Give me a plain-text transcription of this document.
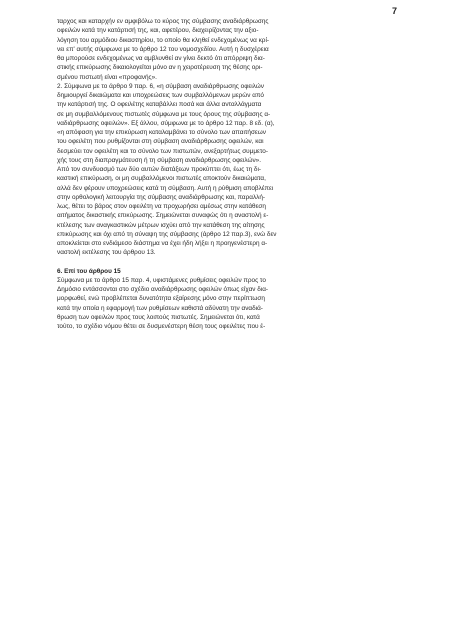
7
ταρχος και καταρχήν εν αμφιβόλω το κύρος της σύμβασης αναδιάρθρωσης
οφειλών κατά την κατάρτισή της, και, αφετέρου, διαχειρίζοντας την αξιο-
λόγηση του αρμόδιου δικαστηρίου, το οποίο θα κληθεί ενδεχομένως να κρί-
νει επ' αυτής σύμφωνα με το άρθρο 12 του νομοσχεδίου. Αυτή η δυσχέρεια
θα μπορούσε ενδεχομένως να αμβλυνθεί αν γίνει δεκτό ότι απόρριψη δια-
στικής επικύρωσης δικαιολογείται μόνο αν η χειροτέρευση της θέσης ορι-
σμένου πιστωτή είναι «προφανής».
2. Σύμφωνα με το άρθρο 9 παρ. 6, «η σύμβαση αναδιάρθρωσης οφειλών
δημιουργεί δικαιώματα και υποχρεώσεις των συμβαλλόμενων μερών από
την κατάρτισή της. Ο οφειλέτης καταβάλλει ποσά και άλλα ανταλλάγματα
σε μη συμβαλλόμενους πιστωτές σύμφωνα με τους όρους της σύμβασης α-
ναδιάρθρωσης οφειλών». Εξ άλλου, σύμφωνα με το άρθρο 12 παρ. 8 εδ. (α),
«η απόφαση για την επικύρωση καταλαμβάνει το σύνολο των απαιτήσεων
του οφειλέτη που ρυθμίζονται στη σύμβαση αναδιάρθρωσης οφειλών, και
δεσμεύει τον οφειλέτη και το σύνολο των πιστωτών, ανεξαρτήτως συμμετο-
χής τους στη διαπραγμάτευση ή τη σύμβαση αναδιάρθρωσης οφειλών».
Από τον συνδυασμό των δύο αυτών διατάξεων προκύπτει ότι, έως τη δι-
καστική επικύρωση, οι μη συμβαλλόμενοι πιστωτές αποκτούν δικαιώματα,
αλλά δεν φέρουν υποχρεώσεις κατά τη σύμβαση. Αυτή η ρύθμιση αποβλέπει
στην ορθολογική λειτουργία της σύμβασης αναδιάρθρωσης και, παραλλή-
λως, θέτει το βάρος στον οφειλέτη να προχωρήσει αμέσως στην κατάθεση
αιτήματος δικαστικής επικύρωσης. Σημειώνεται συναφώς ότι η αναστολή ε-
κτέλεσης των αναγκαστικών μέτρων ισχύει από την κατάθεση της αίτησης
επικύρωσης και όχι από τη σύναψη της σύμβασης (άρθρο 12 παρ.3), ενώ δεν
αποκλείεται στο ενδιάμεσο διάστημα να έχει ήδη λήξει η προηγενέστερη α-
ναστολή εκτέλεσης του άρθρου 13.
6. Επί του άρθρου 15
Σύμφωνα με το άρθρο 15 παρ. 4, υφιστάμενες ρυθμίσεις οφειλών προς το
Δημόσιο εντάσσονται στο σχέδιο αναδιάρθρωσης οφειλών όπως είχαν δια-
μορφωθεί, ενώ προβλέπεται δυνατότητα εξαίρεσης μόνο στην περίπτωση
κατά την οποία η εφαρμογή των ρυθμίσεων καθιστά αδύνατη την αναδιά-
θρωση των οφειλών προς τους λοιπούς πιστωτές. Σημειώνεται ότι, κατά
τούτο, το σχέδιο νόμου θέτει σε δυσμενέστερη θέση τους οφειλέτες που έ-
